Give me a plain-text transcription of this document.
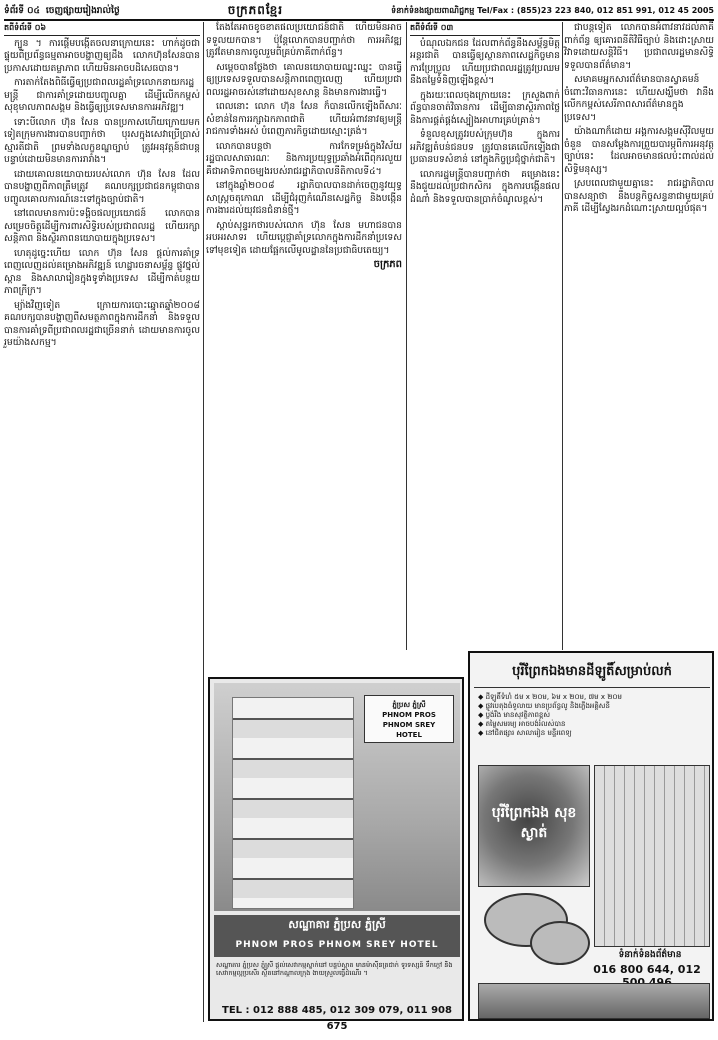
ទំព័រទី ០៤ ចេញផ្សាយរៀងរាល់ថ្ងៃ	ចក្រភពខ្មែរ	ទំនាក់ទំនងផ្សាយពាណិជ្ជកម្ម Tel/Fax : (855)23 223 840, 012 851 991, 012 45 2005
តពីទំព័រទី ០៦

ក្បួន ។ ការផ្ដើមបង្កើតចលនាក្រោយនេះ ហាក់ដូចជាផ្ទុយពីប្រព័ន្ធធម្មតាអាចបង្ហាញឲ្យដឹង លោកហ៊ុនសែនបានប្រកាសដោយតម្លាភាព ហើយមិនអាចបដិសេធបាន។

ការតាក់តែងពិធីធ្វើឲ្យប្រជាពលរដ្ឋគាំទ្រលោកនាយករដ្ឋមន្ត្រី ជាការគាំទ្រដោយបញ្ចូលគ្នា ដើម្បីលើកកម្ពស់សុខុមាលភាពសង្គម និងធ្វើឲ្យប្រទេសមានការអភិវឌ្ឍ។

ទោះបីលោក ហ៊ុន សែន បានប្រកាសហើយក្រោយមកទៀតក្រុមការងារបានបញ្ជាក់ថា បុរសក្នុងសេវាប្រើប្រាស់ស្មារតីជាតិ ព្រមទាំងលក្ខខណ្ឌច្បាប់ ត្រូវអនុវត្តន៍ជាបន្តបន្ទាប់ដោយមិនមានការរារាំង។

ដោយគោលនយោបាយរបស់លោក ហ៊ុន សែន ដែលបានបង្ហាញពីភាពត្រឹមត្រូវ គណបក្សប្រជាជនកម្ពុជាបានបញ្ចូលគោលការណ៍នេះទៅក្នុងច្បាប់ជាតិ។

នៅពេលមានការប៉ះទង្គិចផលប្រយោជន៍ លោកបានសម្រេចចិត្តដើម្បីការពារសិទ្ធិរបស់ប្រជាពលរដ្ឋ ហើយរក្សាសន្តិភាព និងស្ថិរភាពនយោបាយក្នុងប្រទេស។

ហេតុដូច្នេះហើយ លោក ហ៊ុន សែន ផ្ដល់ការគាំទ្រពេញលេញដល់គម្រោងអភិវឌ្ឍន៍ ហេដ្ឋារចនាសម្ព័ន្ធ ផ្លូវថ្នល់ ស្ពាន និងសាលារៀនក្នុងទូទាំងប្រទេស ដើម្បីកាត់បន្ថយភាពក្រីក្រ។

ម្យ៉ាងវិញទៀត ក្រោយការបោះឆ្នោតឆ្នាំ២០០៨ គណបក្សបានបង្ហាញពីសមត្ថភាពក្នុងការដឹកនាំ និងទទួលបានការគាំទ្រពីប្រជាពលរដ្ឋជាច្រើននាក់ ដោយមានការចូលរួមយ៉ាងសកម្ម។

តែងតែអាចខូចខាតផលប្រយោជន៍ជាតិ ហើយមិនអាចទទួលយកបាន។ ប៉ុន្តែលោកបានបញ្ជាក់ថា ការអភិវឌ្ឍត្រូវតែមានការចូលរួមពីគ្រប់ភាគីពាក់ព័ន្ធ។

សម្ដេចបានថ្លែងថា គោលនយោបាយឈ្នះឈ្នះ បានធ្វើឲ្យប្រទេសទទួលបានសន្តិភាពពេញលេញ ហើយប្រជាពលរដ្ឋអាចរស់នៅដោយសុខសាន្ត និងមានការងារធ្វើ។

ពេលនោះ លោក ហ៊ុន សែន ក៏បានលើកឡើងពីសារៈសំខាន់នៃការរក្សាឯកភាពជាតិ ហើយអំពាវនាវឲ្យមន្ត្រីរាជការទាំងអស់ បំពេញភារកិច្ចដោយស្មោះត្រង់។

លោកបានបន្តថា ការកែទម្រង់ក្នុងវិស័យរដ្ឋបាលសាធារណៈ និងការប្រយុទ្ធប្រឆាំងអំពើពុករលួយ គឺជាអាទិភាពចម្បងរបស់រាជរដ្ឋាភិបាលនីតិកាលទី៤។

នៅក្នុងឆ្នាំ២០០៨ រដ្ឋាភិបាលបានដាក់ចេញនូវយុទ្ធសាស្ត្រចតុកោណ ដើម្បីជំរុញកំណើនសេដ្ឋកិច្ច និងបង្កើនការងារដល់យុវជនជំនាន់ថ្មី។

ស្ដាប់សុន្ទរកថារបស់លោក ហ៊ុន សែន មហាជនបានអបអរសាទរ ហើយប្ដេជ្ញាគាំទ្រលោកក្នុងការដឹកនាំប្រទេសទៅមុខទៀត ដោយផ្អែកលើមូលដ្ឋាននៃប្រជាធិបតេយ្យ។

ចក្រភព
តពីទំព័រទី ០៣

បំណុលឯកជន ដែលពាក់ព័ន្ធនឹងសម្ព័ន្ធមិត្តអន្តរជាតិ បានធ្វើឲ្យស្ថានភាពសេដ្ឋកិច្ចមានការប្រែប្រួល ហើយប្រជាពលរដ្ឋត្រូវប្រឈមនឹងតម្លៃទំនិញឡើងខ្ពស់។

ក្នុងរយៈពេលចុងក្រោយនេះ ក្រសួងពាក់ព័ន្ធបានចាត់វិធានការ ដើម្បីធានាស្ថិរភាពថ្លៃ និងការផ្គត់ផ្គង់ស្បៀងអាហារគ្រប់គ្រាន់។

ទំនួលខុសត្រូវរបស់ក្រុមហ៊ុន ក្នុងការអភិវឌ្ឍតំបន់ជនបទ ត្រូវបានគេលើកឡើងជាប្រធានបទសំខាន់ នៅក្នុងកិច្ចប្រជុំថ្នាក់ជាតិ។

លោករដ្ឋមន្ត្រីបានបញ្ជាក់ថា គម្រោងនេះនឹងជួយដល់ប្រជាកសិករ ក្នុងការបង្កើនផលដំណាំ និងទទួលបានប្រាក់ចំណូលខ្ពស់។

ជាបន្ដទៀត លោកបានអំពាវនាវដល់ភាគីពាក់ព័ន្ធ ឲ្យគោរពនីតិវិធីច្បាប់ និងដោះស្រាយវិវាទដោយសន្តិវិធី។ ប្រជាពលរដ្ឋមានសិទ្ធិទទួលបានព័ត៌មាន។

សមាគមអ្នកសារព័ត៌មានបានស្វាគមន៍ចំពោះវិធានការនេះ ហើយសង្ឃឹមថា វានឹងលើកកម្ពស់សេរីភាពសារព័ត៌មានក្នុងប្រទេស។

យ៉ាងណាក៏ដោយ អង្គការសង្គមស៊ីវិលមួយចំនួន បានសម្ដែងការព្រួយបារម្ភពីការអនុវត្តច្បាប់នេះ ដែលអាចមានផលប៉ះពាល់ដល់សិទ្ធិមនុស្ស។

ស្របពេលជាមួយគ្នានេះ រាជរដ្ឋាភិបាលបានសន្យាថា នឹងបន្តកិច្ចសន្ទនាជាមួយគ្រប់ភាគី ដើម្បីស្វែងរកដំណោះស្រាយល្អបំផុត។

ភ្នំប្រស ភ្នំស្រី
PHNOM PROS
PHNOM SREY
HOTEL
សណ្ឋាគារ ភ្នំប្រស ភ្នំស្រី
PHNOM PROS PHNOM SREY HOTEL
សណ្ឋាគារ ភ្នំប្រស ភ្នំស្រី ផ្ដល់សេវាកម្មស្នាក់នៅ បន្ទប់ស្អាត មានម៉ាស៊ីនត្រជាក់ ទូរទស្សន៍ ទឹកក្ដៅ និងសេវាកម្មល្អប្រសើរ ស្ថិតនៅកណ្ដាលក្រុង ងាយស្រួលធ្វើដំណើរ ។
TEL : 012 888 485, 012 309 079, 011 908 675
បុរីព្រែកឯងមានដីឡូតិ៍សម្រាប់លក់
◆ ដីឡូតិ៍ទំហំ ៥ម x ២០ម, ៦ម x ២០ម, ៧ម x ២០ម
◆ ផ្លូវបេតុងធំទូលាយ មានប្រព័ន្ធលូ និងភ្លើងអគ្គិសនី
◆ ប្លង់រឹង មានសុវត្ថិភាពខ្ពស់
◆ តម្លៃសមរម្យ អាចបង់រំលស់បាន
◆ នៅជិតផ្សារ សាលារៀន មន្ទីរពេទ្យ
បុរីព្រែកឯង សុខស្ងាត់
ទំនាក់ទំនងព័ត៌មាន
016 800 644, 012
